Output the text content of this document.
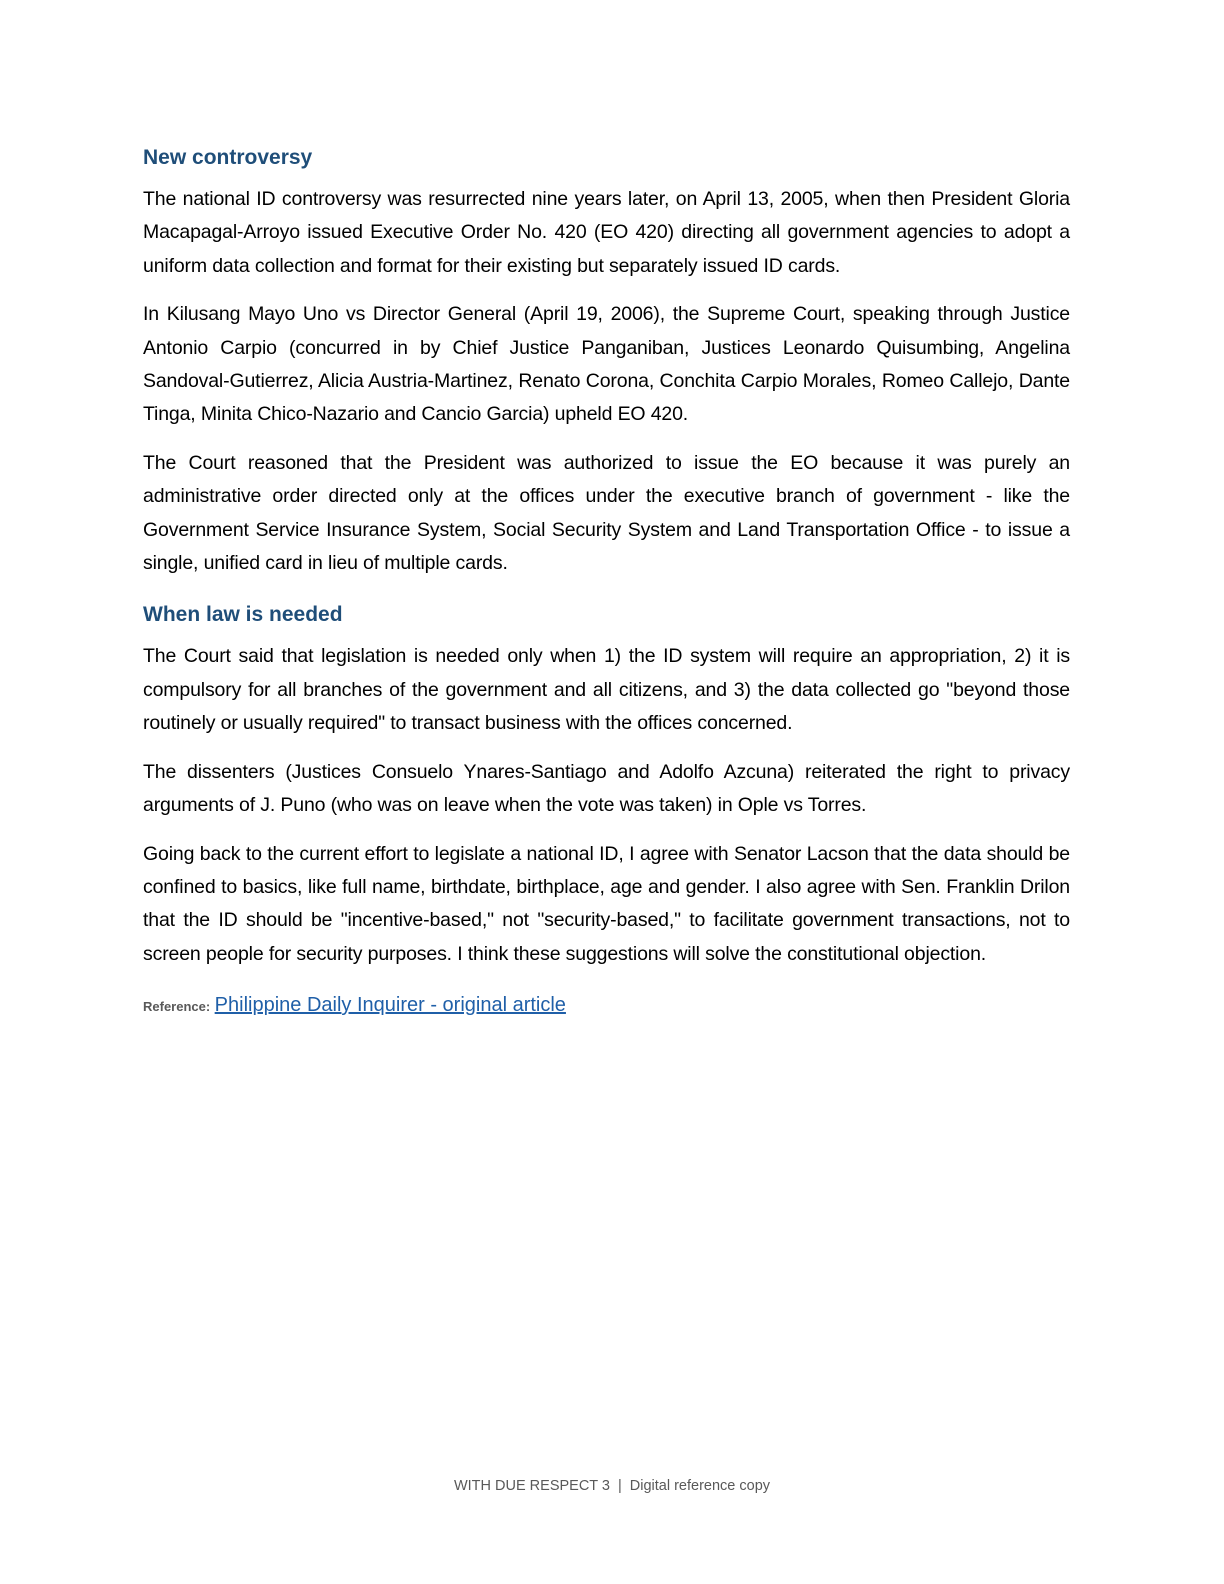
New controversy

The national ID controversy was resurrected nine years later, on April 13, 2005, when then President Gloria Macapagal-Arroyo issued Executive Order No. 420 (EO 420) directing all government agencies to adopt a uniform data collection and format for their existing but separately issued ID cards.

In Kilusang Mayo Uno vs Director General (April 19, 2006), the Supreme Court, speaking through Justice Antonio Carpio (concurred in by Chief Justice Panganiban, Justices Leonardo Quisumbing, Angelina Sandoval-Gutierrez, Alicia Austria-Martinez, Renato Corona, Conchita Carpio Morales, Romeo Callejo, Dante Tinga, Minita Chico-Nazario and Cancio Garcia) upheld EO 420.

The Court reasoned that the President was authorized to issue the EO because it was purely an administrative order directed only at the offices under the executive branch of government - like the Government Service Insurance System, Social Security System and Land Transportation Office - to issue a single, unified card in lieu of multiple cards.

When law is needed

The Court said that legislation is needed only when 1) the ID system will require an appropriation, 2) it is compulsory for all branches of the government and all citizens, and 3) the data collected go "beyond those routinely or usually required" to transact business with the offices concerned.

The dissenters (Justices Consuelo Ynares-Santiago and Adolfo Azcuna) reiterated the right to privacy arguments of J. Puno (who was on leave when the vote was taken) in Ople vs Torres.

Going back to the current effort to legislate a national ID, I agree with Senator Lacson that the data should be confined to basics, like full name, birthdate, birthplace, age and gender. I also agree with Sen. Franklin Drilon that the ID should be "incentive-based," not "security-based," to facilitate government transactions, not to screen people for security purposes. I think these suggestions will solve the constitutional objection.

Reference: Philippine Daily Inquirer - original article
WITH DUE RESPECT 3 | Digital reference copy
